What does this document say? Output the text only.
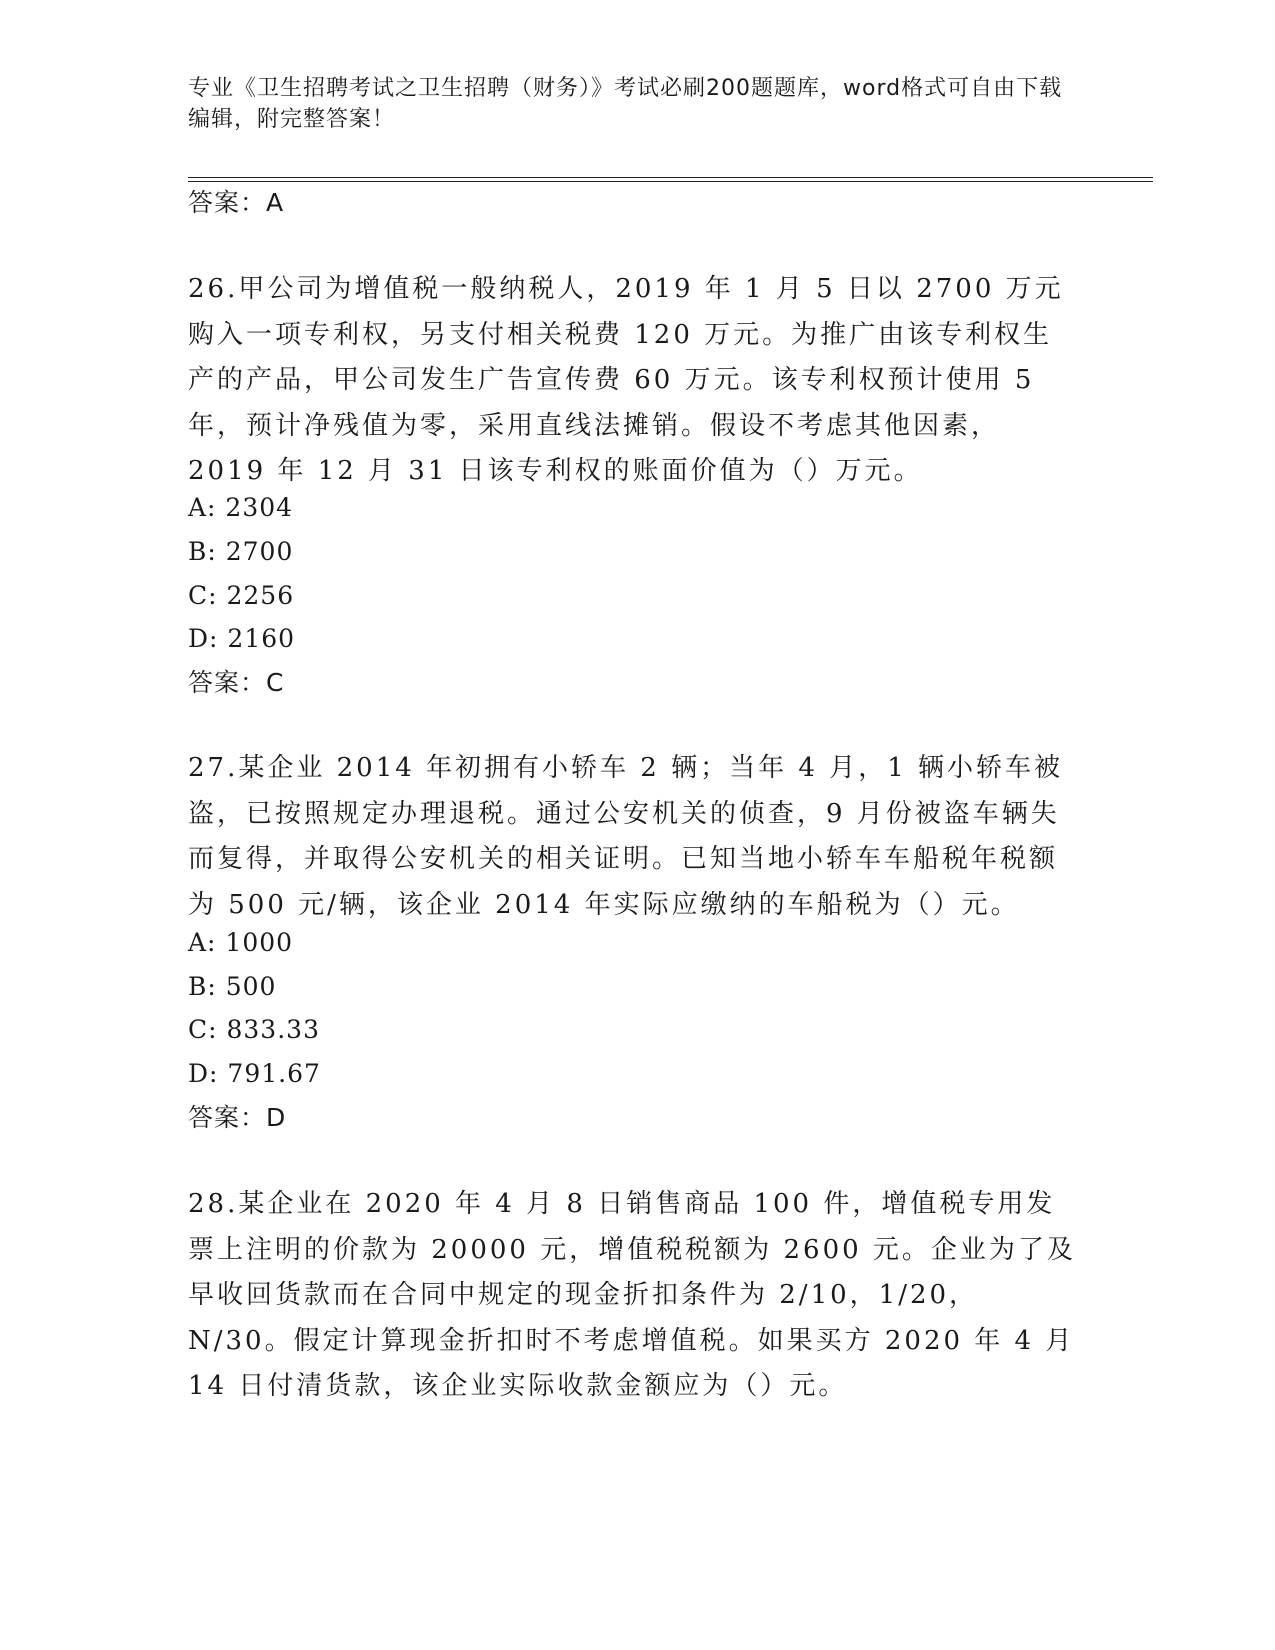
专业《卫生招聘考试之卫生招聘（财务）》考试必刷200题题库，word格式可自由下载编辑，附完整答案！
答案：A
26.甲公司为增值税一般纳税人，2019 年 1 月 5 日以 2700 万元购入一项专利权，另支付相关税费 120 万元。为推广由该专利权生产的产品，甲公司发生广告宣传费 60 万元。该专利权预计使用 5 年，预计净残值为零，采用直线法摊销。假设不考虑其他因素，2019 年 12 月 31 日该专利权的账面价值为（）万元。
A: 2304
B: 2700
C: 2256
D: 2160
答案：C
27.某企业 2014 年初拥有小轿车 2 辆；当年 4 月，1 辆小轿车被盗，已按照规定办理退税。通过公安机关的侦查，9 月份被盗车辆失而复得，并取得公安机关的相关证明。已知当地小轿车车船税年税额为 500 元/辆，该企业 2014 年实际应缴纳的车船税为（）元。
A: 1000
B: 500
C: 833.33
D: 791.67
答案：D
28.某企业在 2020 年 4 月 8 日销售商品 100 件，增值税专用发票上注明的价款为 20000 元，增值税税额为 2600 元。企业为了及早收回货款而在合同中规定的现金折扣条件为 2/10，1/20，N/30。假定计算现金折扣时不考虑增值税。如果买方 2020 年 4 月 14 日付清货款，该企业实际收款金额应为（）元。
